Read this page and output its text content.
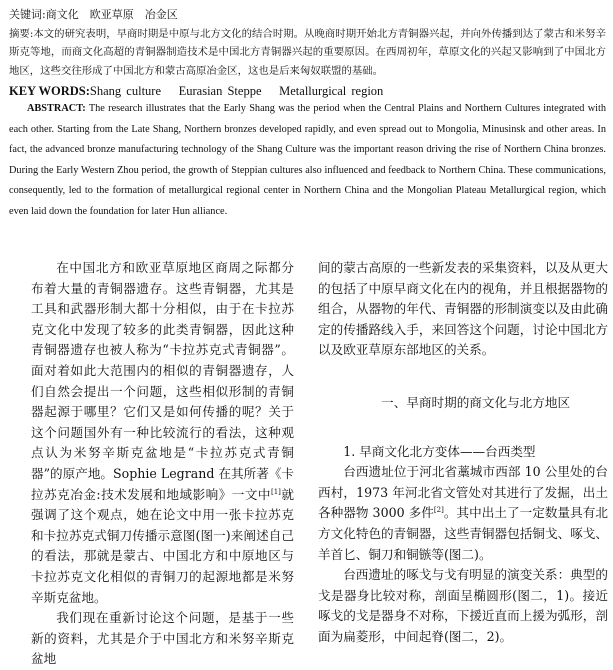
关键词:商文化　欧亚草原　冶金区
摘要:本文的研究表明，早商时期是中原与北方文化的结合时期。从晚商时期开始北方青铜器兴起，并向外传播到达了蒙古和米努辛斯克等地，而商文化高超的青铜器制造技术是中国北方青铜器兴起的重要原因。在西周初年，草原文化的兴起又影响到了中国北方地区，这些交往形成了中国北方和蒙古高原冶金区，这也是后来匈奴联盟的基础。
KEY WORDS:Shang culture　 Eurasian Steppe　 Metallurgical region
ABSTRACT: The research illustrates that the Early Shang was the period when the Central Plains and Northern Cultures integrated with each other. Starting from the Late Shang, Northern bronzes developed rapidly, and even spread out to Mongolia, Minusinsk and other areas. In fact, the advanced bronze manufacturing technology of the Shang Culture was the important reason driving the rise of Northern China bronzes. During the Early Western Zhou period, the growth of Steppian cultures also influenced and feedback to Northern China. These communications, consequently, led to the formation of metallurgical regional center in Northern China and the Mongolian Plateau Metallurgical region, which even laid down the foundation for later Hun alliance.

在中国北方和欧亚草原地区商周之际都分布着大量的青铜器遗存。这些青铜器，尤其是工具和武器形制大都十分相似，由于在卡拉苏克文化中发现了较多的此类青铜器，因此这种青铜器遗存也被人称为“卡拉苏克式青铜器”。面对着如此大范围内的相似的青铜器遗存，人们自然会提出一个问题，这些相似形制的青铜器起源于哪里？它们又是如何传播的呢？关于这个问题国外有一种比较流行的看法，这种观点认为米努辛斯克盆地是“卡拉苏克式青铜器”的原产地。Sophie Legrand 在其所著《卡拉苏克冶金:技术发展和地域影响》一文中[1]就强调了这个观点，她在论文中用一张卡拉苏克和卡拉苏克式铜刀传播示意图(图一)来阐述自己的看法，那就是蒙古、中国北方和中原地区与卡拉苏克文化相似的青铜刀的起源地都是米努辛斯克盆地。

我们现在重新讨论这个问题，是基于一些新的资料，尤其是介于中国北方和米努辛斯克盆地

间的蒙古高原的一些新发表的采集资料，以及从更大的包括了中原早商文化在内的视角，并且根据器物的组合，从器物的年代、青铜器的形制演变以及由此确定的传播路线入手，来回答这个问题，讨论中国北方以及欧亚草原东部地区的关系。

一、早商时期的商文化与北方地区

1. 早商文化北方变体——台西类型

台西遗址位于河北省藁城市西部 10 公里处的台西村，1973 年河北省文管处对其进行了发掘，出土各种器物 3000 多件[2]。其中出土了一定数量具有北方文化特色的青铜器，这些青铜器包括铜戈、啄戈、羊首匕、铜刀和铜镞等(图二)。

台西遗址的啄戈与戈有明显的演变关系：典型的戈是器身比较对称，剖面呈椭圆形(图二，1)。接近啄戈的戈是器身不对称，下援近直而上援为弧形，剖面为扁菱形，中间起脊(图二，2)。
